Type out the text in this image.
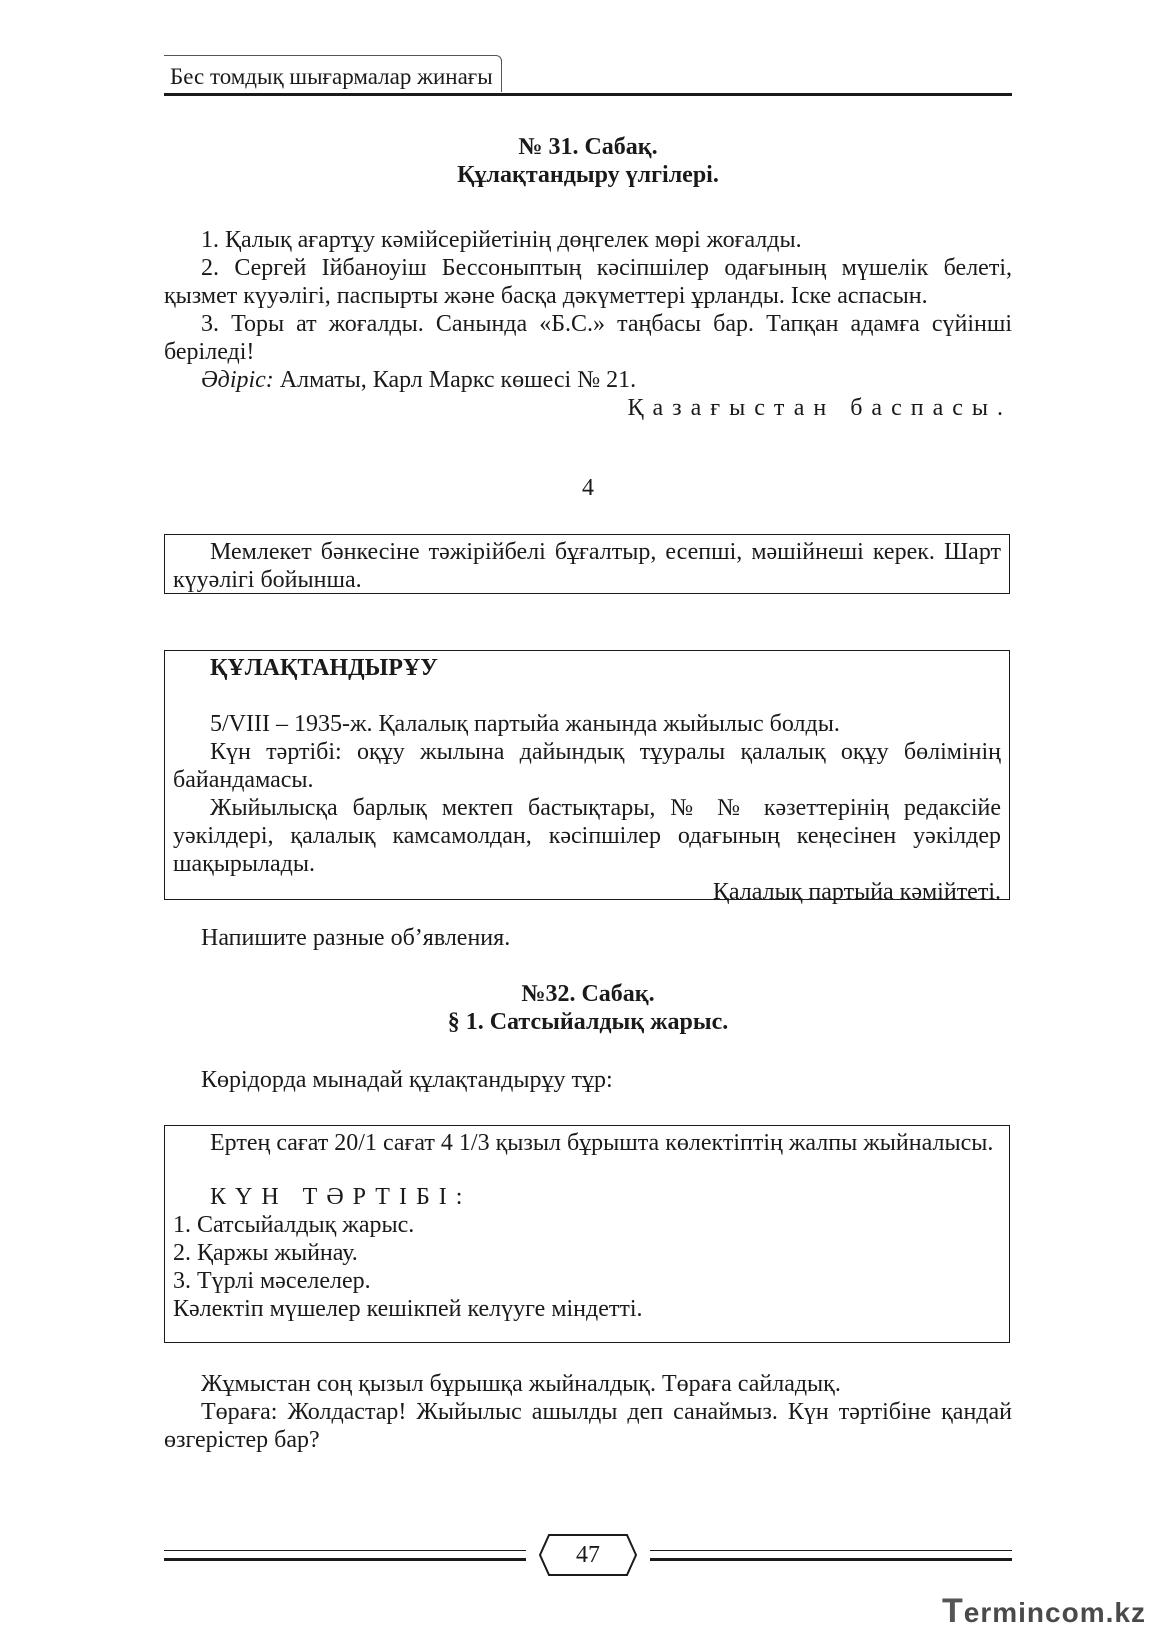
Бес томдық шығармалар жинағы

№ 31. Сабақ.

Құлақтандыру үлгілері.

1. Қалық ағартұу кәмійсерійетінің дөңгелек мөрі жоғалды.

2. Сергей Ійбаноуіш Бессоныптың кәсіпшілер одағының мүшелік белеті, қызмет күуәлігі, паспырты және басқа дәкүметтері ұрланды. Іске аспасын.

3. Торы ат жоғалды. Санында «Б.С.» таңбасы бар. Тапқан адамға сүйінші беріледі!

Әдіріс: Алматы, Карл Маркс көшесі № 21.

Қазағыстан баспасы.

4

Мемлекет бәнкесіне тәжірійбелі бұғалтыр, есепші, мәшійнеші керек. Шарт күуәлігі бойынша.

ҚҰЛАҚТАНДЫРҰУ

5/VIII – 1935-ж. Қалалық партыйа жанында жыйылыс болды.

Күн тәртібі: оқұу жылына дайындық тұуралы қалалық оқұу бөлімінің байандамасы.

Жыйылысқа барлық мектеп бастықтары, № № кәзеттерінің редаксійе уәкілдері, қалалық камсамолдан, кәсіпшілер одағының кеңесінен уәкілдер шақырылады.

Қалалық партыйа кәмійтеті.

Напишите разные об’явления.

№32. Сабақ.

§ 1. Сатсыйалдық жарыс.

Көрідорда мынадай құлақтандырұу тұр:

Ертең сағат 20/1 сағат 4 1/3 қызыл бұрышта көлектіптің жалпы жыйналысы.

КҮН ТӘРТІБІ:

1. Сатсыйалдық жарыс.

2. Қаржы жыйнау.

3. Түрлі мәселелер.

Кәлектіп мүшелер кешікпей келүуге міндетті.

Жұмыстан соң қызыл бұрышқа жыйналдық. Төраға сайладық.

Төраға: Жолдастар! Жыйылыс ашылды деп санаймыз. Күн тәртібіне қандай өзгерістер бар?

47
Termincom.kz
